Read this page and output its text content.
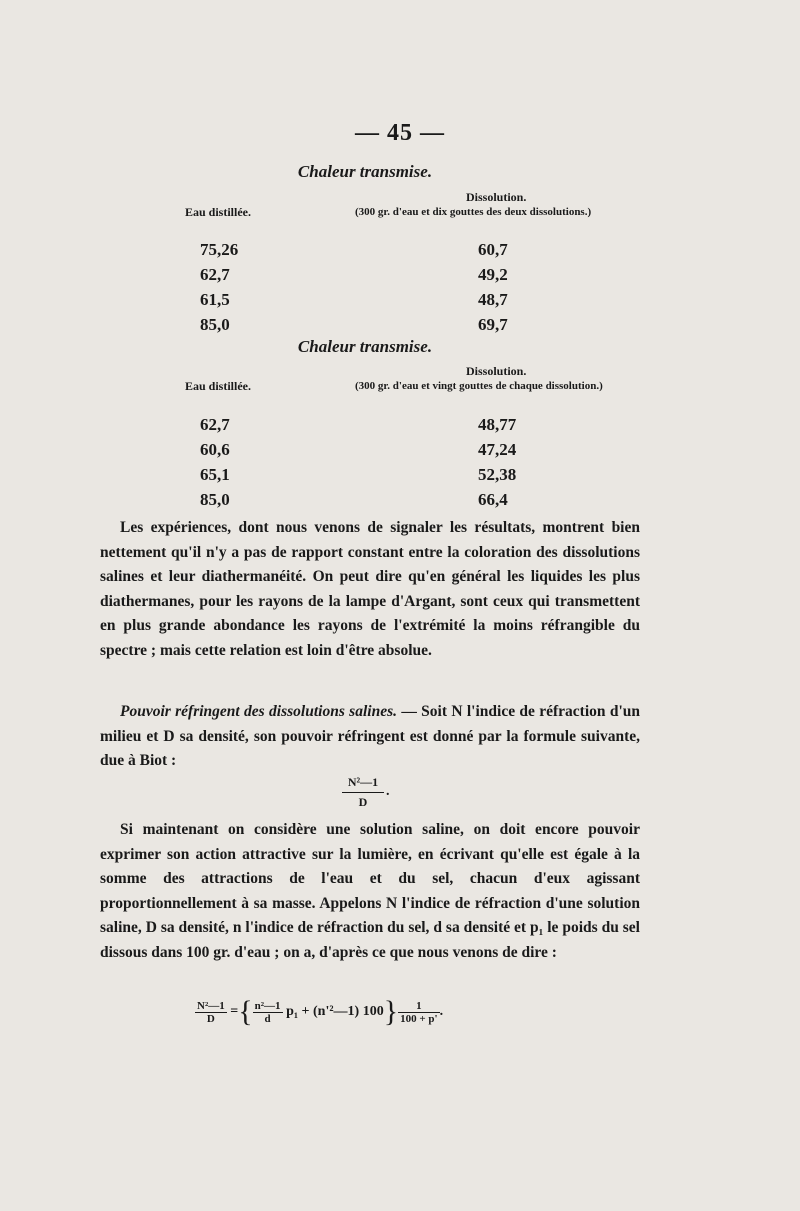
— 45 —
Chaleur transmise.
Eau distillée.
Dissolution.
(300 gr. d'eau et dix gouttes des deux dissolutions.)
75,26	60,7
62,7	49,2
61,5	48,7
85,0	69,7
Chaleur transmise.
Dissolution.
Eau distillée.	(300 gr. d'eau et vingt gouttes de chaque dissolution.)
62,7	48,77
60,6	47,24
65,1	52,38
85,0	66,4

Les expériences, dont nous venons de signaler les résultats, montrent bien nettement qu'il n'y a pas de rapport constant entre la coloration des dissolutions salines et leur diathermanéité. On peut dire qu'en général les liquides les plus diathermanes, pour les rayons de la lampe d'Argant, sont ceux qui transmettent en plus grande abondance les rayons de l'extrémité la moins réfrangible du spectre ; mais cette relation est loin d'être absolue.

Pouvoir réfringent des dissolutions salines. — Soit N l'indice de réfraction d'un milieu et D sa densité, son pouvoir réfringent est donné par la formule suivante, due à Biot :

N²—1
D
.

Si maintenant on considère une solution saline, on doit encore pouvoir exprimer son action attractive sur la lumière, en écrivant qu'elle est égale à la somme des attractions de l'eau et du sel, chacun d'eux agissant proportionnellement à sa masse. Appelons N l'indice de réfraction d'une solution saline, D sa densité, n l'indice de réfraction du sel, d sa densité et p₁ le poids du sel dissous dans 100 gr. d'eau ; on a, d'après ce que nous venons de dire :

$\frac{\text{N²—1}}{D}$ ={ $\frac{\text{n²—1}}{d} p_1$ + (n'²—1) $100\} \frac{1}{100 + p'}$ .
